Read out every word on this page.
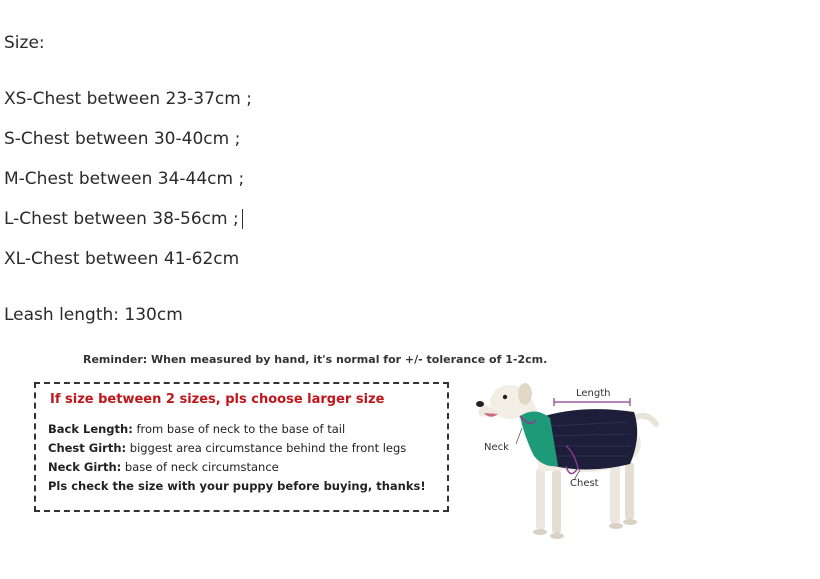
Size:
XS-Chest between 23-37cm ;
S-Chest between 30-40cm ;
M-Chest between 34-44cm ;
L-Chest between 38-56cm ;
XL-Chest between 41-62cm
Leash length: 130cm
Reminder: When measured by hand, it's normal for +/- tolerance of 1-2cm.
If size between 2 sizes, pls choose larger size
Back Length: from base of neck to the base of tail
Chest Girth: biggest area circumstance behind the front legs
Neck Girth: base of neck circumstance
Pls check the size with your puppy before buying, thanks!
Length
Neck
Chest
